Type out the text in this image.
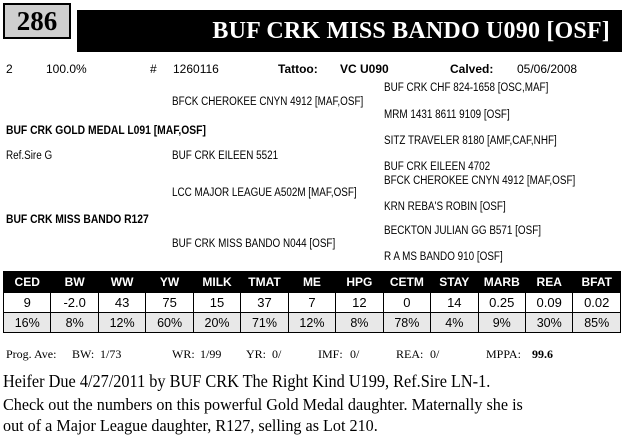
286	BUF CRK MISS BANDO U090 [OSF]
2	100.0%	# 1260116	Tattoo: VC U090	Calved: 05/06/2008
BUF CRK CHF 824-1658 [OSC,MAF]
BFCK CHEROKEE CNYN 4912 [MAF,OSF]
MRM 1431 8611 9109 [OSF]
BUF CRK GOLD MEDAL L091 [MAF,OSF]
SITZ TRAVELER 8180 [AMF,CAF,NHF]
Ref.Sire G	BUF CRK EILEEN 5521
BUF CRK EILEEN 4702
BFCK CHEROKEE CNYN 4912 [MAF,OSF]
LCC MAJOR LEAGUE A502M [MAF,OSF]
KRN REBA'S ROBIN [OSF]
BUF CRK MISS BANDO R127
BECKTON JULIAN GG B571 [OSF]
BUF CRK MISS BANDO N044 [OSF]
R A MS BANDO 910 [OSF]
CED	BW	WW	YW	MILK	TMAT	ME	HPG	CETM	STAY	MARB	REA	BFAT
9	-2.0	43	75	15	37	7	12	0	14	0.25	0.09	0.02
16%	8%	12%	60%	20%	71%	12%	8%	78%	4%	9%	30%	85%
Prog. Ave: BW: 1/73	WR: 1/99 YR: 0/	IMF: 0/	REA: 0/	MPPA: 99.6
Heifer Due 4/27/2011 by BUF CRK The Right Kind U199, Ref.Sire LN-1.
Check out the numbers on this powerful Gold Medal daughter. Maternally she is
out of a Major League daughter, R127, selling as Lot 210.
